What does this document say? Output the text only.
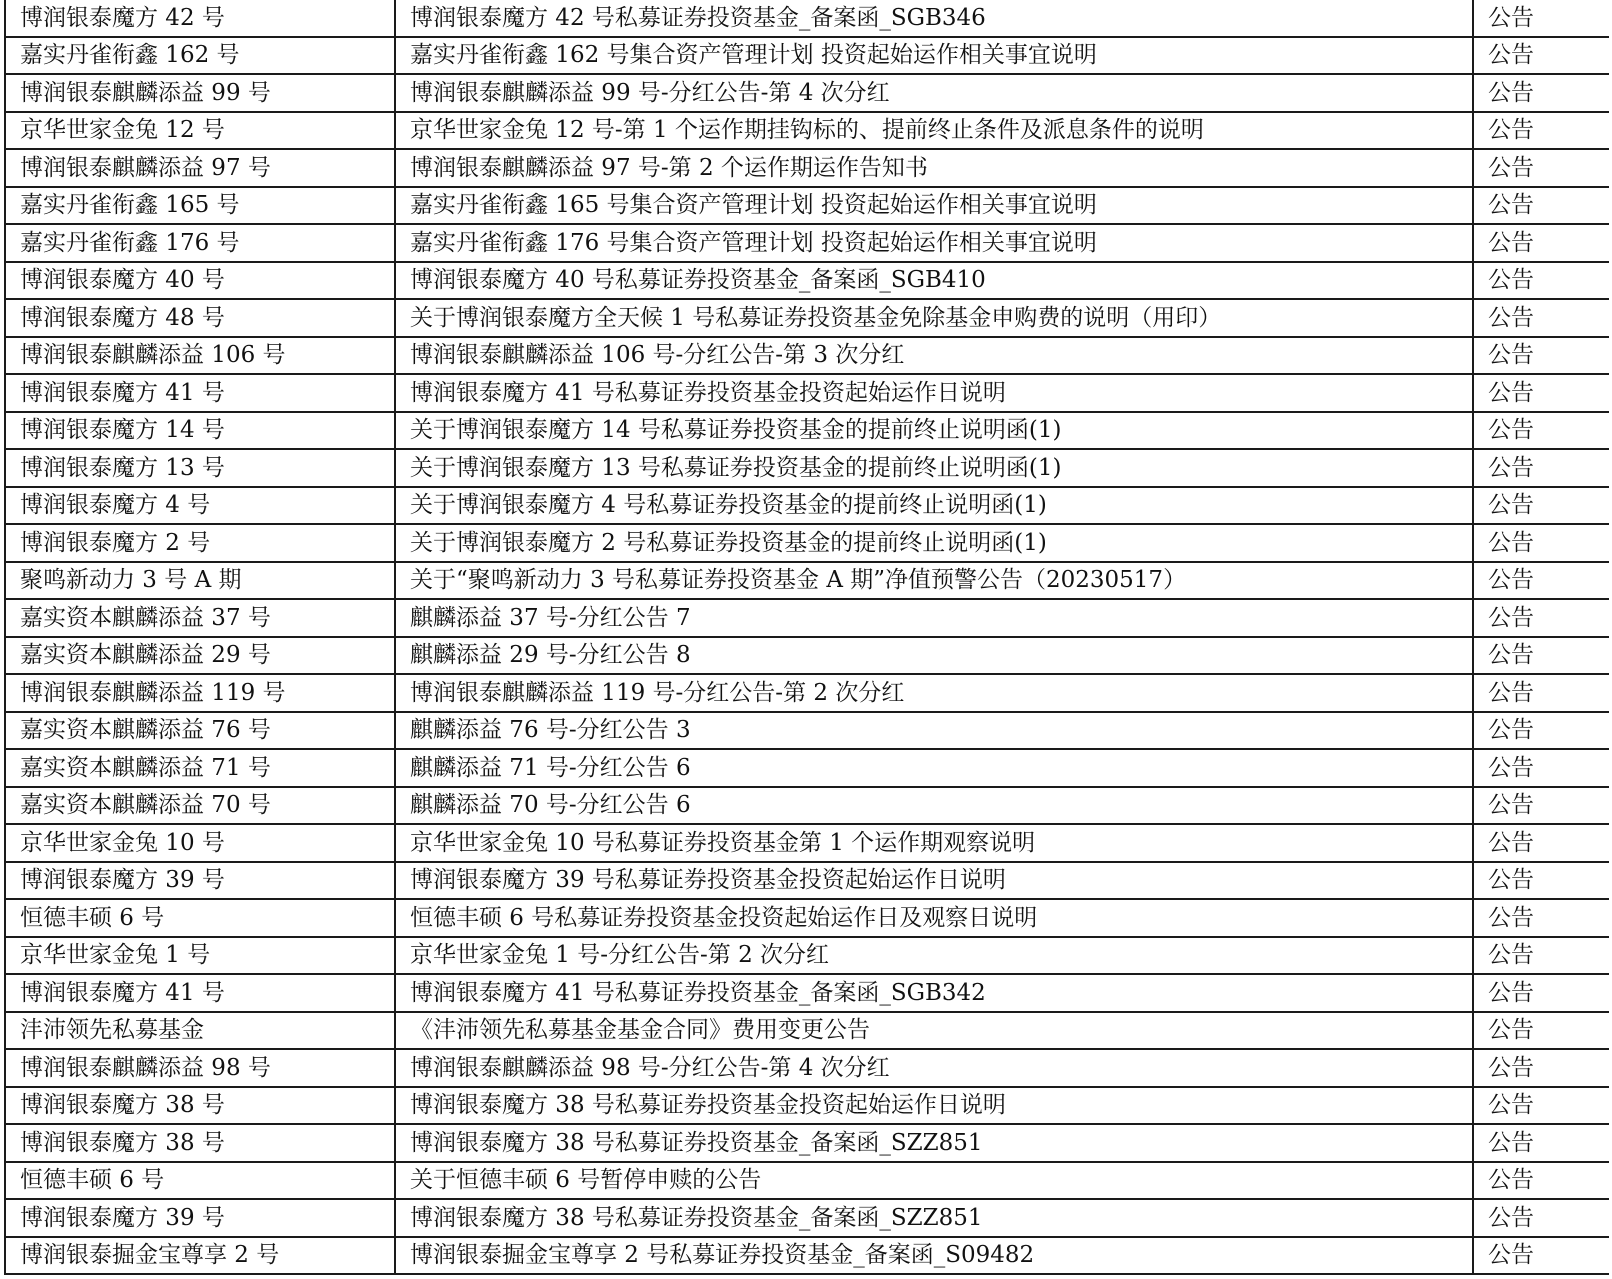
博润银泰魔方 42 号	博润银泰魔方 42 号私募证券投资基金_备案函_SGB346	公告
嘉实丹雀衔鑫 162 号	嘉实丹雀衔鑫 162 号集合资产管理计划 投资起始运作相关事宜说明	公告
博润银泰麒麟添益 99 号	博润银泰麒麟添益 99 号-分红公告-第 4 次分红	公告
京华世家金兔 12 号	京华世家金兔 12 号-第 1 个运作期挂钩标的、提前终止条件及派息条件的说明	公告
博润银泰麒麟添益 97 号	博润银泰麒麟添益 97 号-第 2 个运作期运作告知书	公告
嘉实丹雀衔鑫 165 号	嘉实丹雀衔鑫 165 号集合资产管理计划 投资起始运作相关事宜说明	公告
嘉实丹雀衔鑫 176 号	嘉实丹雀衔鑫 176 号集合资产管理计划 投资起始运作相关事宜说明	公告
博润银泰魔方 40 号	博润银泰魔方 40 号私募证券投资基金_备案函_SGB410	公告
博润银泰魔方 48 号	关于博润银泰魔方全天候 1 号私募证券投资基金免除基金申购费的说明（用印）	公告
博润银泰麒麟添益 106 号	博润银泰麒麟添益 106 号-分红公告-第 3 次分红	公告
博润银泰魔方 41 号	博润银泰魔方 41 号私募证券投资基金投资起始运作日说明	公告
博润银泰魔方 14 号	关于博润银泰魔方 14 号私募证券投资基金的提前终止说明函(1)	公告
博润银泰魔方 13 号	关于博润银泰魔方 13 号私募证券投资基金的提前终止说明函(1)	公告
博润银泰魔方 4 号	关于博润银泰魔方 4 号私募证券投资基金的提前终止说明函(1)	公告
博润银泰魔方 2 号	关于博润银泰魔方 2 号私募证券投资基金的提前终止说明函(1)	公告
聚鸣新动力 3 号 A 期	关于“聚鸣新动力 3 号私募证券投资基金 A 期”净值预警公告（20230517）	公告
嘉实资本麒麟添益 37 号	麒麟添益 37 号-分红公告 7	公告
嘉实资本麒麟添益 29 号	麒麟添益 29 号-分红公告 8	公告
博润银泰麒麟添益 119 号	博润银泰麒麟添益 119 号-分红公告-第 2 次分红	公告
嘉实资本麒麟添益 76 号	麒麟添益 76 号-分红公告 3	公告
嘉实资本麒麟添益 71 号	麒麟添益 71 号-分红公告 6	公告
嘉实资本麒麟添益 70 号	麒麟添益 70 号-分红公告 6	公告
京华世家金兔 10 号	京华世家金兔 10 号私募证券投资基金第 1 个运作期观察说明	公告
博润银泰魔方 39 号	博润银泰魔方 39 号私募证券投资基金投资起始运作日说明	公告
恒德丰硕 6 号	恒德丰硕 6 号私募证券投资基金投资起始运作日及观察日说明	公告
京华世家金兔 1 号	京华世家金兔 1 号-分红公告-第 2 次分红	公告
博润银泰魔方 41 号	博润银泰魔方 41 号私募证券投资基金_备案函_SGB342	公告
沣沛领先私募基金	《沣沛领先私募基金基金合同》费用变更公告	公告
博润银泰麒麟添益 98 号	博润银泰麒麟添益 98 号-分红公告-第 4 次分红	公告
博润银泰魔方 38 号	博润银泰魔方 38 号私募证券投资基金投资起始运作日说明	公告
博润银泰魔方 38 号	博润银泰魔方 38 号私募证券投资基金_备案函_SZZ851	公告
恒德丰硕 6 号	关于恒德丰硕 6 号暂停申赎的公告	公告
博润银泰魔方 39 号	博润银泰魔方 38 号私募证券投资基金_备案函_SZZ851	公告
博润银泰掘金宝尊享 2 号	博润银泰掘金宝尊享 2 号私募证券投资基金_备案函_S09482	公告
